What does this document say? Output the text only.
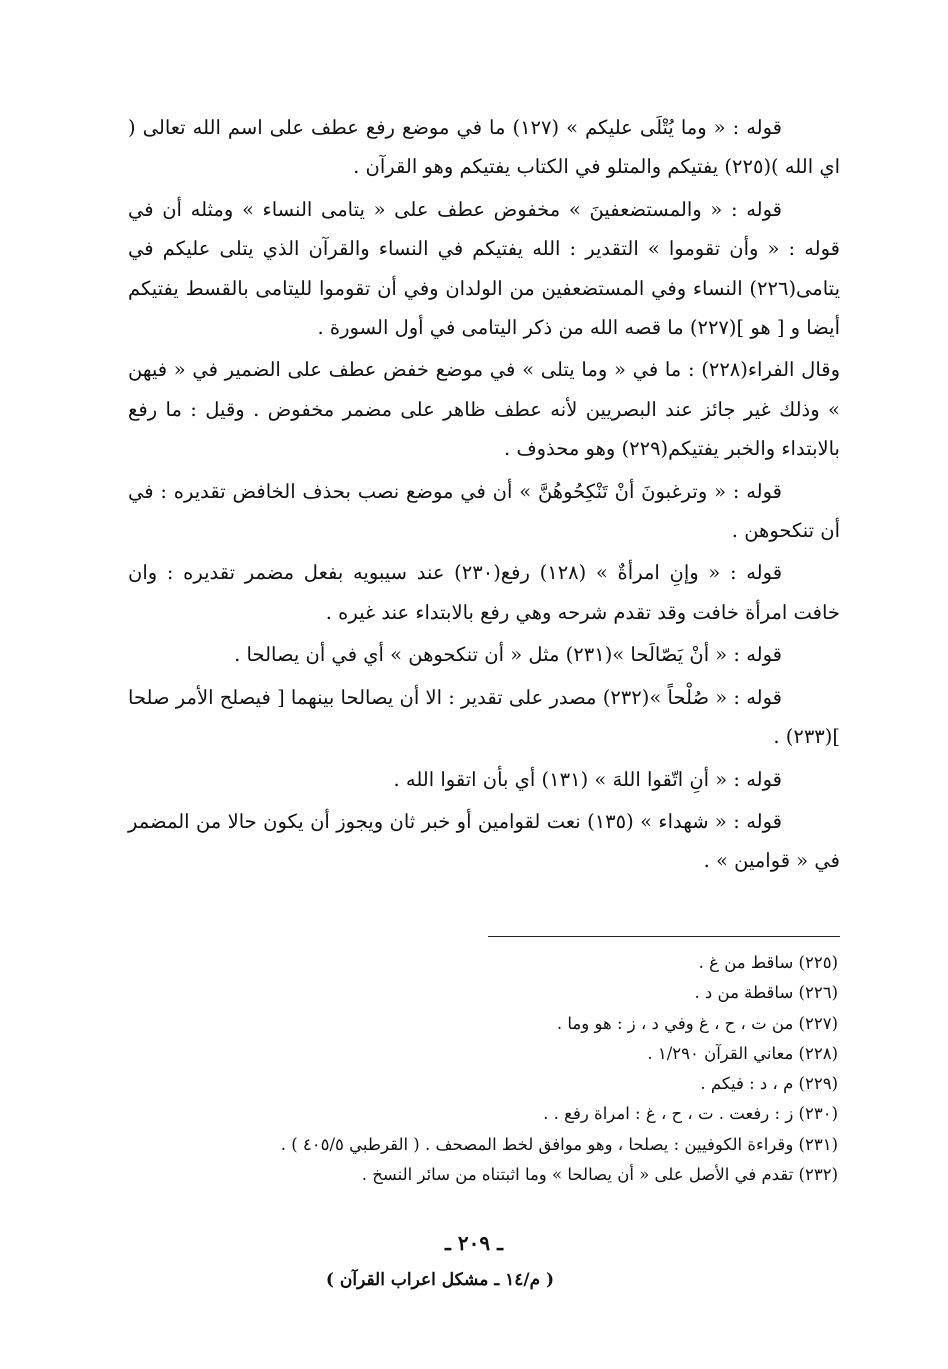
قوله : « وما يُتْلَى عليكم » (١٢٧) ما في موضع رفع عطف على اسم الله تعالى ( اي الله )(٢٢٥) يفتيكم والمتلو في الكتاب يفتيكم وهو القرآن .

قوله : « والمستضعفينَ » مخفوض عطف على « يتامى النساء » ومثله أن في قوله : « وأن تقوموا » التقدير : الله يفتيكم في النساء والقرآن الذي يتلى عليكم في يتامى(٢٢٦) النساء وفي المستضعفين من الولدان وفي أن تقوموا لليتامى بالقسط يفتيكم أيضا و [ هو ](٢٢٧) ما قصه الله من ذكر اليتامى في أول السورة .

وقال الفراء(٢٢٨) : ما في « وما يتلى » في موضع خفض عطف على الضمير في « فيهن » وذلك غير جائز عند البصريين لأنه عطف ظاهر على مضمر مخفوض . وقيل : ما رفع بالابتداء والخبر يفتيكم(٢٢٩) وهو محذوف .

قوله : « وترغبونَ أنْ تَنْكِحُوهُنَّ » أن في موضع نصب بحذف الخافض تقديره : في أن تنكحوهن .

قوله : « وإنِ امرأةٌ » (١٢٨) رفع(٢٣٠) عند سيبويه بفعل مضمر تقديره : وان خافت امرأة خافت وقد تقدم شرحه وهي رفع بالابتداء عند غيره .

قوله : « أنْ يَصّالَحا »(٢٣١) مثل « أن تنكحوهن » أي في أن يصالحا .

قوله : « صُلْحاً »(٢٣٢) مصدر على تقدير : الا أن يصالحا بينهما [ فيصلح الأمر صلحا ](٢٣٣) .

قوله : « أنِ اتّقوا اللهَ » (١٣١) أي بأن اتقوا الله .

قوله : « شهداء » (١٣٥) نعت لقوامين أو خبر ثان ويجوز أن يكون حالا من المضمر في « قوامين » .

(٢٢٥) ساقط من غ .
(٢٢٦) ساقطة من د .
(٢٢٧) من ت ، ح ، غ وفي د ، ز : هو وما .
(٢٢٨) معاني القرآن ١/٢٩٠ .
(٢٢٩) م ، د : فيكم .
(٢٣٠) ز : رفعت . ت ، ح ، غ : امراة رفع . .
(٢٣١) وقراءة الكوفيين : يصلحا ، وهو موافق لخط المصحف . ( القرطبي ٤٠٥/٥ ) .
(٢٣٢) تقدم في الأصل على « أن يصالحا » وما اثبتناه من سائر النسخ .
ـ ٢٠٩ ـ
( م/١٤ ـ مشكل اعراب القرآن )
